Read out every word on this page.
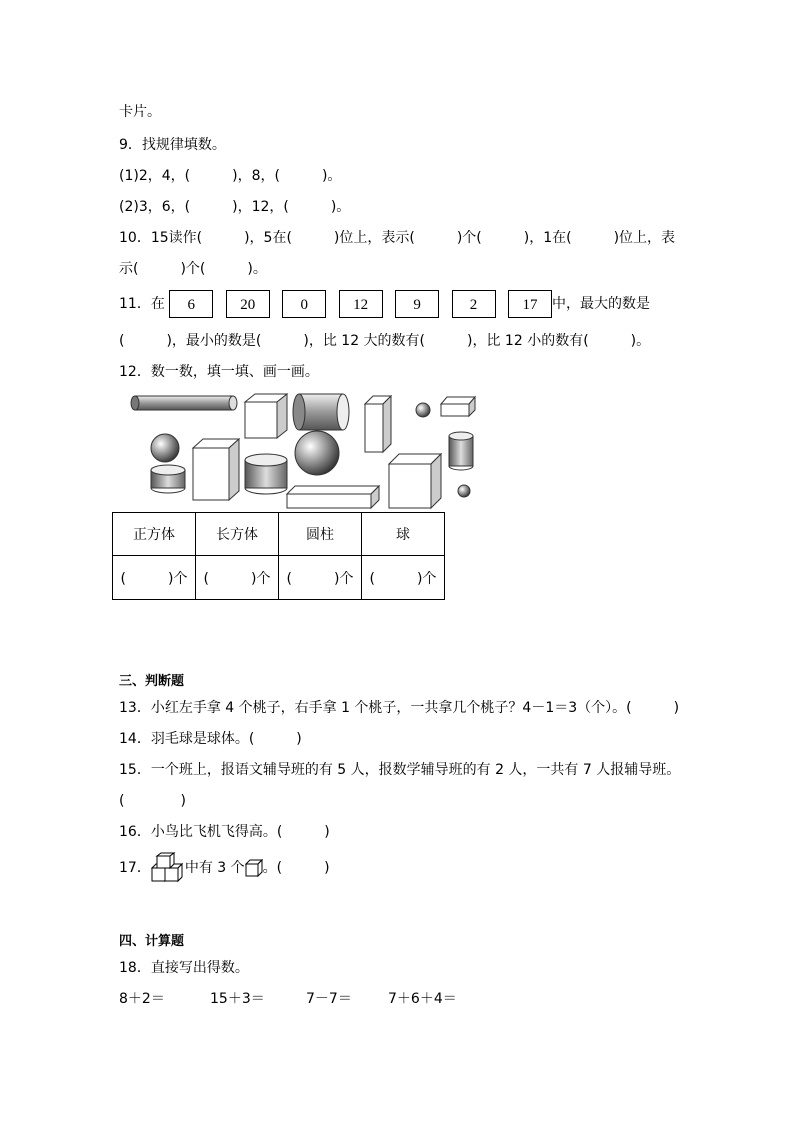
卡片。
9．找规律填数。
(1)2，4，(　　　)，8，(　　　)。
(2)3，6，(　　　)，12，(　　　)。
10．15读作(　　　)，5在(　　　)位上，表示(　　　)个(　　　)，1在(　　　)位上，表
示(　　　)个(　　　)。
11．在 6	20	0	12	9	2	17 中，最大的数是
(　　　)，最小的数是(　　　)，比 12 大的数有(　　　)，比 12 小的数有(　　　)。
12．数一数，填一填、画一画。
正方体	长方体	圆柱	球
(　　　)个	(　　　)个	(　　　)个	(　　　)个
三、判断题
13．小红左手拿 4 个桃子，右手拿 1 个桃子，一共拿几个桃子？4－1＝3（个）。(　　　)
14．羽毛球是球体。(　　　)
15．一个班上，报语文辅导班的有 5 人，报数学辅导班的有 2 人，一共有 7 人报辅导班。
(　　　　)
16．小鸟比飞机飞得高。(　　　)
17． 中有 3 个 。(　　　)
四、计算题
18．直接写出得数。
8＋2＝	15＋3＝	7－7＝	7＋6＋4＝
